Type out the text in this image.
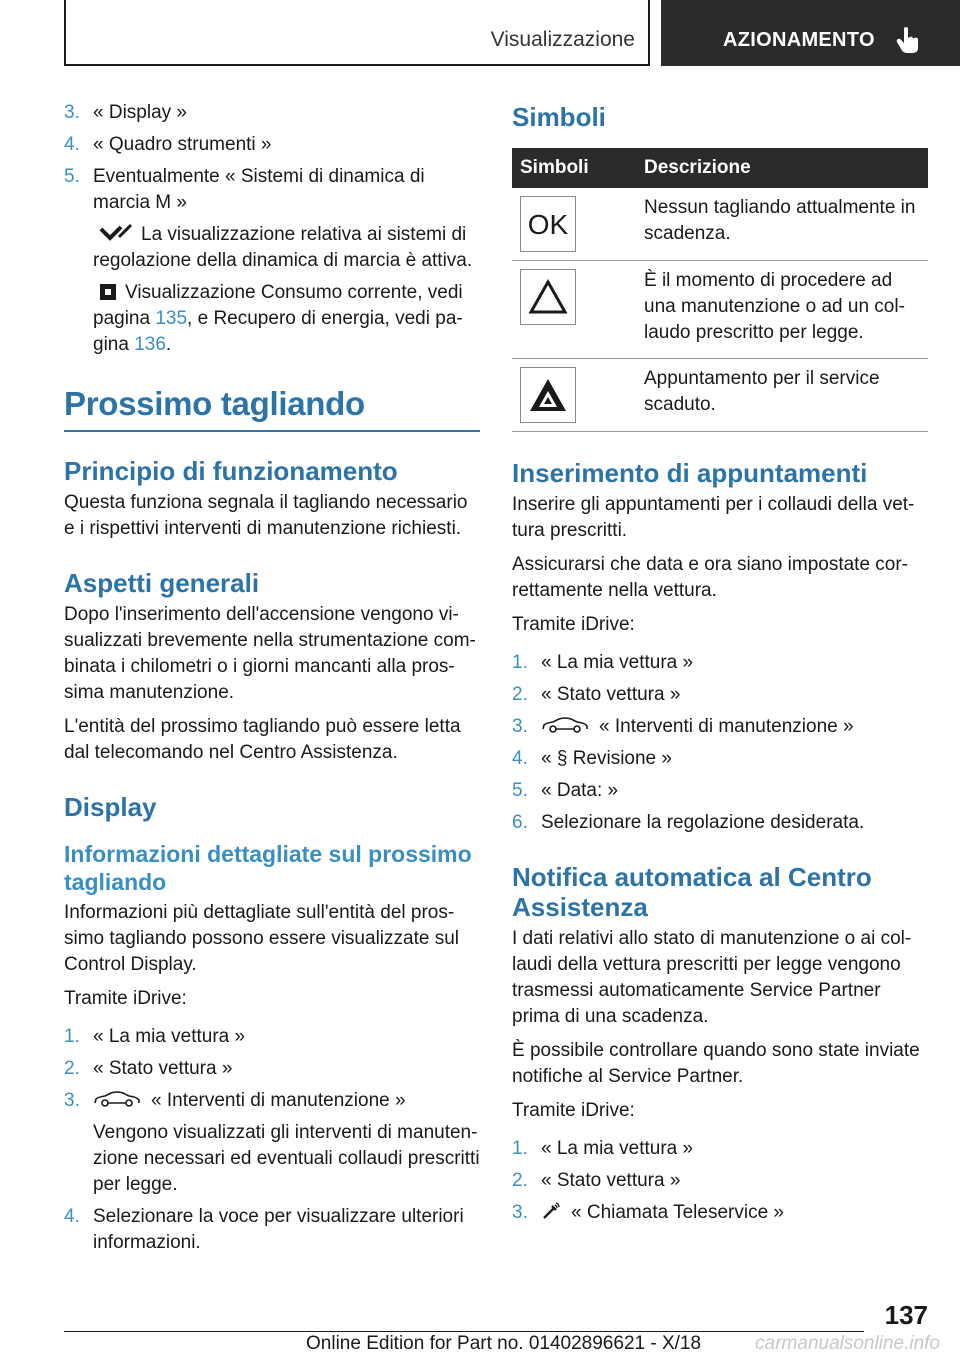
Visualizzazione	AZIONAMENTO
3. « Display »
4. « Quadro strumenti »
5. Eventualmente « Sistemi di dinamica di marcia M »
La visualizzazione relativa ai sistemi di regolazione della dinamica di marcia è attiva.
Visualizzazione Consumo corrente, vedi pagina 135, e Recupero di energia, vedi pa-gina 136.
Prossimo tagliando
Principio di funzionamento

Questa funziona segnala il tagliando necessario e i rispettivi interventi di manutenzione richiesti.

Aspetti generali

Dopo l'inserimento dell'accensione vengono vi-sualizzati brevemente nella strumentazione com-binata i chilometri o i giorni mancanti alla pros-sima manutenzione.

L'entità del prossimo tagliando può essere letta dal telecomando nel Centro Assistenza.

Display
Informazioni dettagliate sul prossimo tagliando

Informazioni più dettagliate sull'entità del pros-simo tagliando possono essere visualizzate sul Control Display.

Tramite iDrive:

1. « La mia vettura »
2. « Stato vettura »
3.	« Interventi di manutenzione »
Vengono visualizzati gli interventi di manuten-zione necessari ed eventuali collaudi prescritti per legge.
4. Selezionare la voce per visualizzare ulteriori informazioni.
Simboli
Simboli	Descrizione

OK	Nessun tagliando attualmente in scadenza.

	È il momento di procedere ad una manutenzione o ad un col-laudo prescritto per legge.

	Appuntamento per il service scaduto.
Inserimento di appuntamenti

Inserire gli appuntamenti per i collaudi della vet-tura prescritti.

Assicurarsi che data e ora siano impostate cor-rettamente nella vettura.

Tramite iDrive:

1. « La mia vettura »
2. « Stato vettura »
3.	« Interventi di manutenzione »
4. « § Revisione »
5. « Data: »
6. Selezionare la regolazione desiderata.
Notifica automatica al Centro Assistenza

I dati relativi allo stato di manutenzione o ai col-laudi della vettura prescritti per legge vengono trasmessi automaticamente Service Partner prima di una scadenza.

È possibile controllare quando sono state inviate notifiche al Service Partner.

Tramite iDrive:

1. « La mia vettura »
2. « Stato vettura »
3. « Chiamata Teleservice »
137
Online Edition for Part no. 01402896621 - X/18	carmanualsonline.info
